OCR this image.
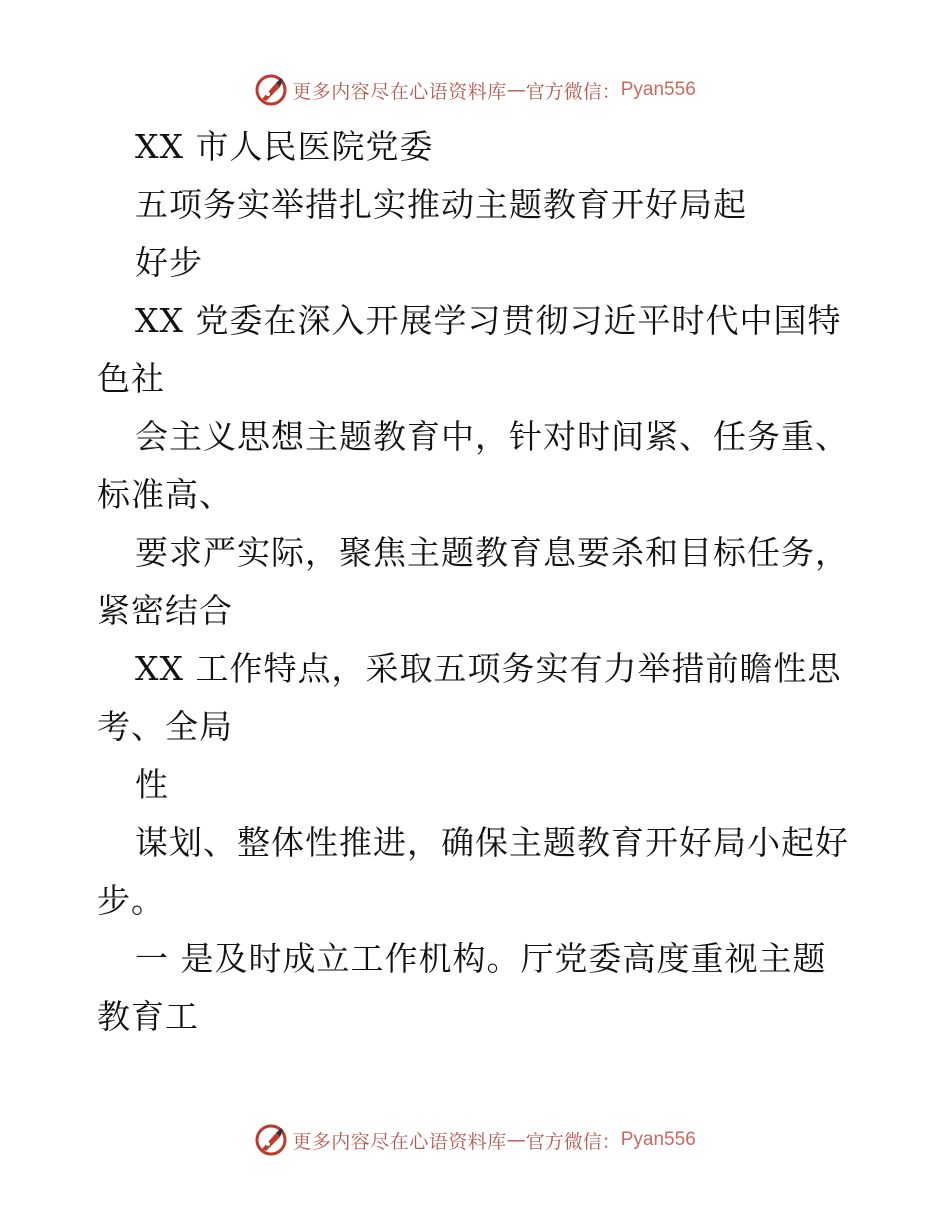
更多内容尽在心语资料库 — 官方微信： Pyan556
XX 市人民医院党委
五项务实举措扎实推动主题教育开好局起
好步
XX 党委在深入开展学习贯彻习近平时代中国特
色社
会主义思想主题教育中，针对时间紧、任务重、
标准高、
要求严实际，聚焦主题教育息要杀和目标任务，
紧密结合
XX 工作特点，采取五项务实有力举措前瞻性思
考、全局
性
谋划、整体性推进，确保主题教育开好局小起好
步。
一 是及时成立工作机构。厅党委高度重视主题
教育工
更多内容尽在心语资料库 — 官方微信： Pyan556
